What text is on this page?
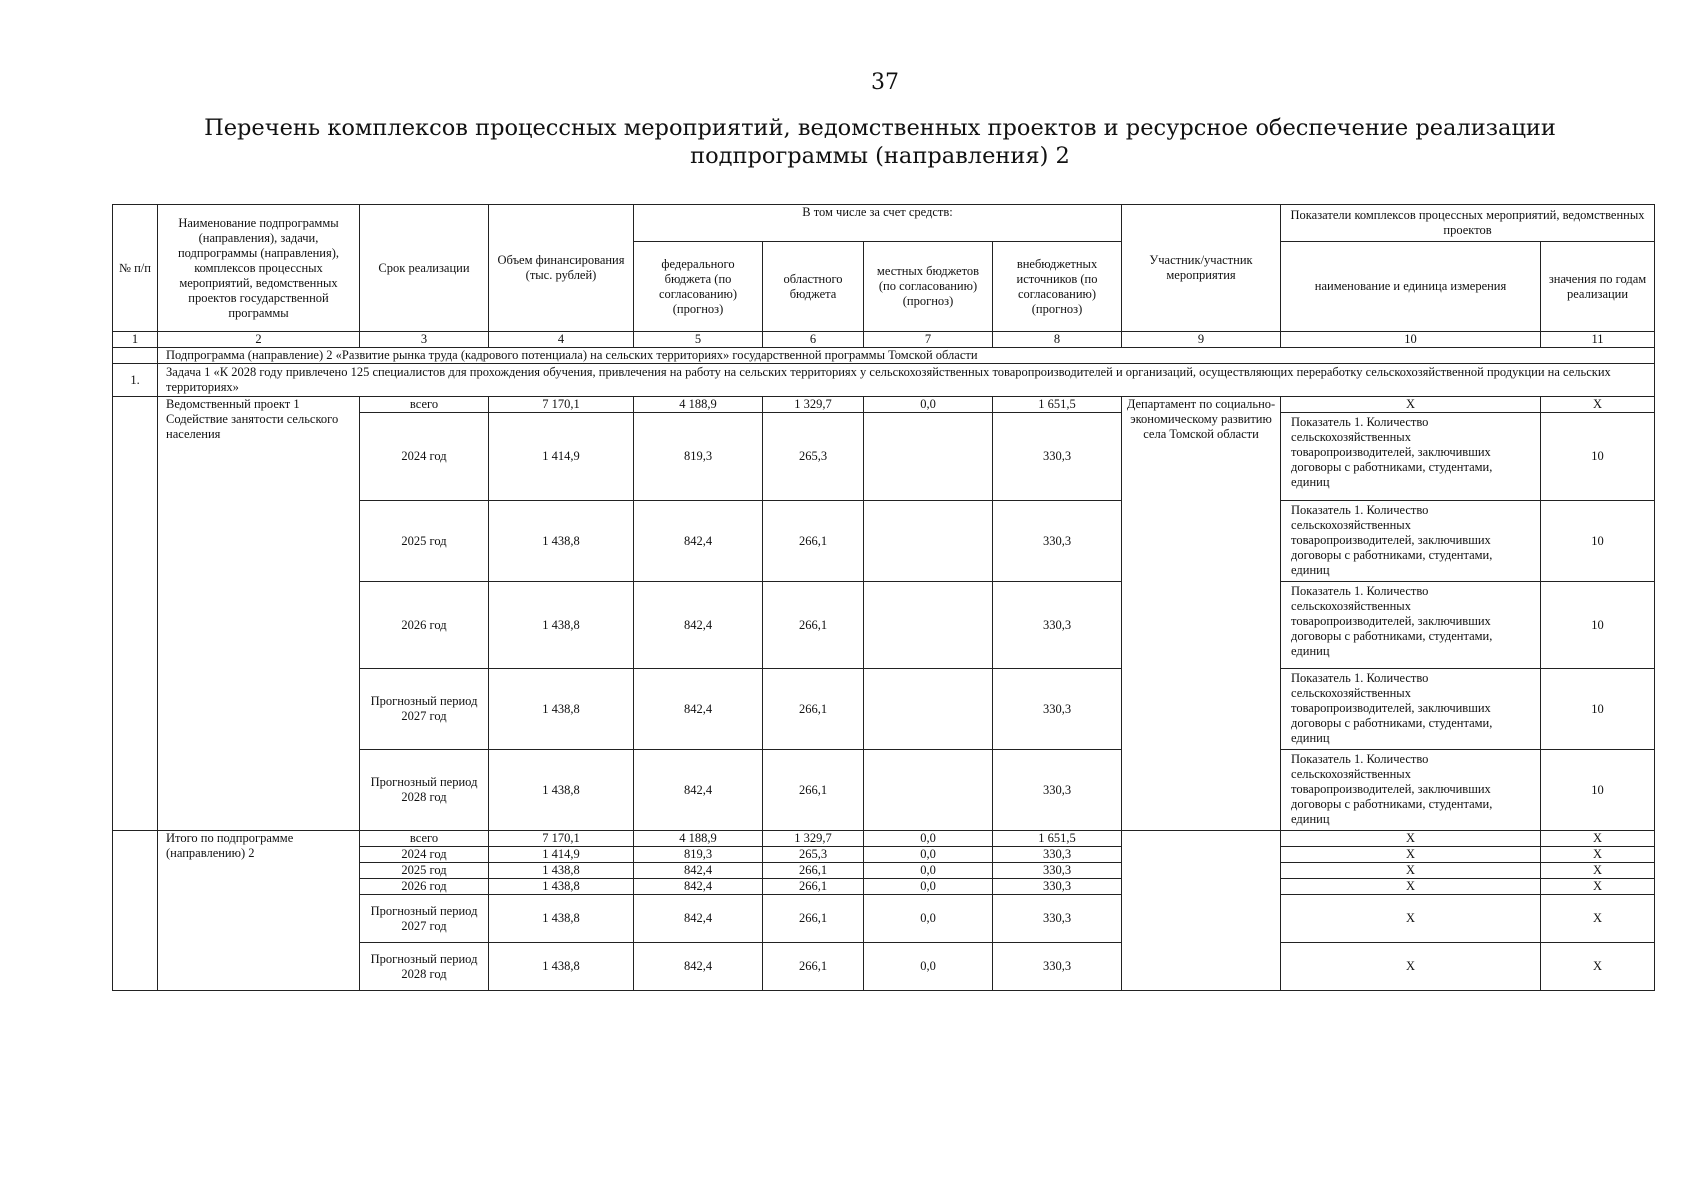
37
Перечень комплексов процессных мероприятий, ведомственных проектов и ресурсное обеспечение реализации подпрограммы (направления) 2
№ п/п	Наименование подпрограммы (направления), задачи, подпрограммы (направления), комплексов процессных мероприятий, ведомственных проектов государственной программы	Срок реализации	Объем финансирования (тыс. рублей)	В том числе за счет средств:				Участник/участник мероприятия	Показатели комплексов процессных мероприятий, ведомственных проектов	
				федерального бюджета (по согласованию) (прогноз)	областного бюджета	местных бюджетов (по согласованию) (прогноз)	внебюджетных источников (по согласованию) (прогноз)		наименование и единица измерения	значения по годам реализации
1	2	3	4	5	6	7	8	9	10	11
	Подпрограмма (направление) 2 «Развитие рынка труда (кадрового потенциала) на сельских территориях» государственной программы Томской области									
1.	Задача 1 «К 2028 году привлечено 125 специалистов для прохождения обучения, привлечения на работу на сельских территориях у сельскохозяйственных товаропроизводителей и организаций, осуществляющих переработку сельскохозяйственной продукции на сельских территориях»									
	Ведомственный проект 1 Содействие занятости сельского населения	всего	7 170,1	4 188,9	1 329,7	0,0	1 651,5	Департамент по социально-экономическому развитию села Томской области	X	X
		2024 год	1 414,9	819,3	265,3		330,3		Показатель 1. Количество сельскохозяйственных товаропроизводителей, заключивших договоры с работниками, студентами, единиц	10
		2025 год	1 438,8	842,4	266,1		330,3		Показатель 1. Количество сельскохозяйственных товаропроизводителей, заключивших договоры с работниками, студентами, единиц	10
		2026 год	1 438,8	842,4	266,1		330,3		Показатель 1. Количество сельскохозяйственных товаропроизводителей, заключивших договоры с работниками, студентами, единиц	10
		Прогнозный период 2027 год	1 438,8	842,4	266,1		330,3		Показатель 1. Количество сельскохозяйственных товаропроизводителей, заключивших договоры с работниками, студентами, единиц	10
		Прогнозный период 2028 год	1 438,8	842,4	266,1		330,3		Показатель 1. Количество сельскохозяйственных товаропроизводителей, заключивших договоры с работниками, студентами, единиц	10
	Итого по подпрограмме (направлению) 2	всего	7 170,1	4 188,9	1 329,7	0,0	1 651,5		X	X
		2024 год	1 414,9	819,3	265,3	0,0	330,3		X	X
		2025 год	1 438,8	842,4	266,1	0,0	330,3		X	X
		2026 год	1 438,8	842,4	266,1	0,0	330,3		X	X
		Прогнозный период 2027 год	1 438,8	842,4	266,1	0,0	330,3		X	X
		Прогнозный период 2028 год	1 438,8	842,4	266,1	0,0	330,3		X	X
